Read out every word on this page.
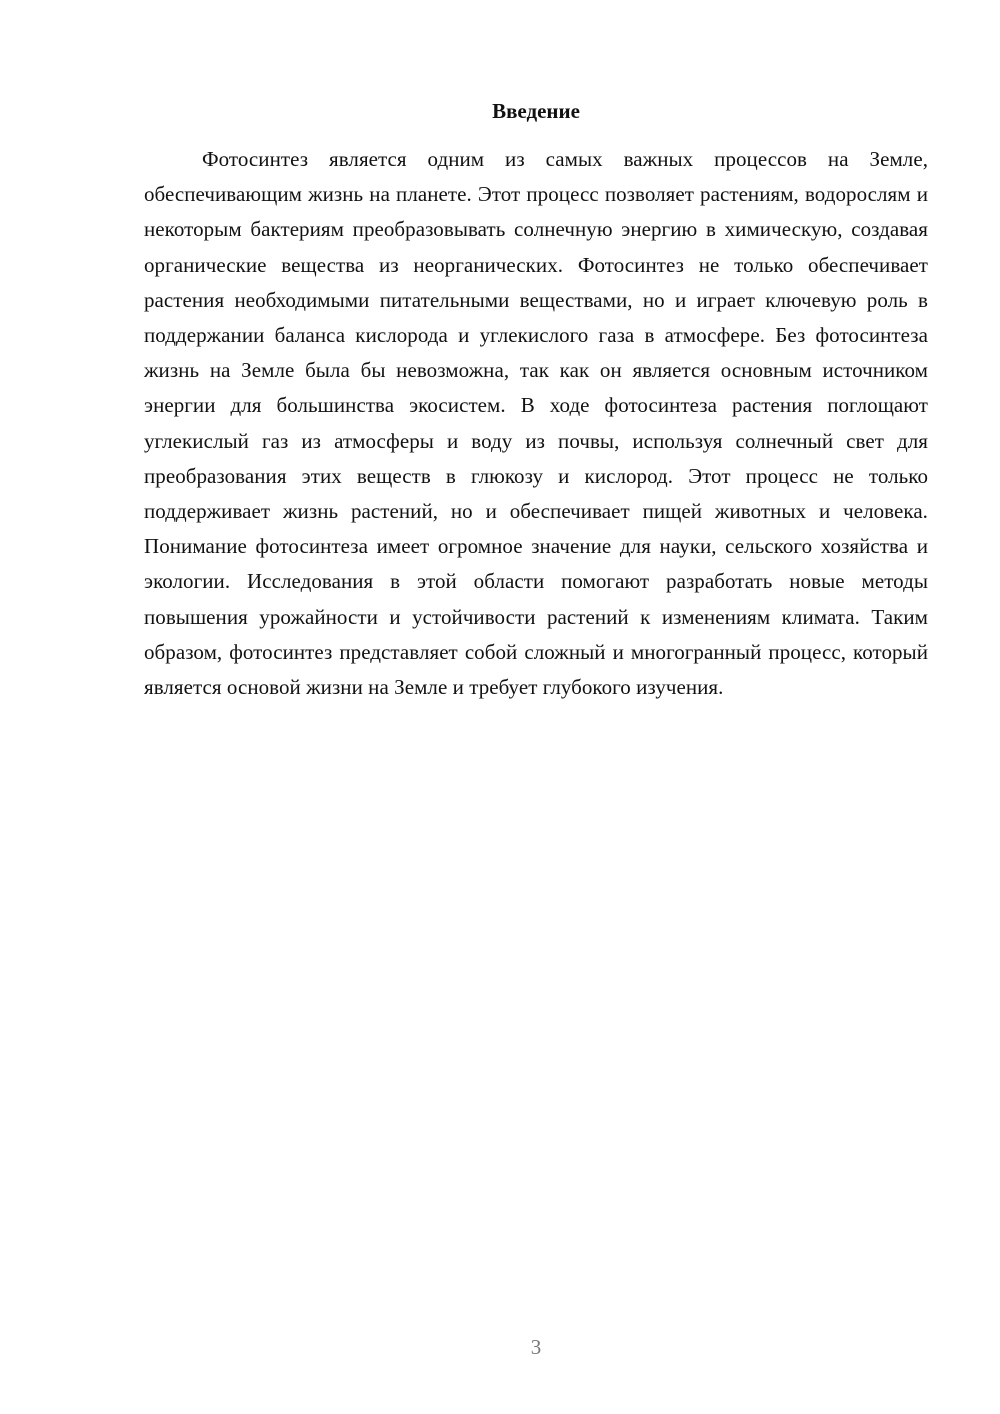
Введение

Фотосинтез является одним из самых важных процессов на Земле, обеспечивающим жизнь на планете. Этот процесс позволяет растениям, водорослям и некоторым бактериям преобразовывать солнечную энергию в химическую, создавая органические вещества из неорганических. Фотосинтез не только обеспечивает растения необходимыми питательными веществами, но и играет ключевую роль в поддержании баланса кислорода и углекислого газа в атмосфере. Без фотосинтеза жизнь на Земле была бы невозможна, так как он является основным источником энергии для большинства экосистем. В ходе фотосинтеза растения поглощают углекислый газ из атмосферы и воду из почвы, используя солнечный свет для преобразования этих веществ в глюкозу и кислород. Этот процесс не только поддерживает жизнь растений, но и обеспечивает пищей животных и человека. Понимание фотосинтеза имеет огромное значение для науки, сельского хозяйства и экологии. Исследования в этой области помогают разработать новые методы повышения урожайности и устойчивости растений к изменениям климата. Таким образом, фотосинтез представляет собой сложный и многогранный процесс, который является основой жизни на Земле и требует глубокого изучения.

3
